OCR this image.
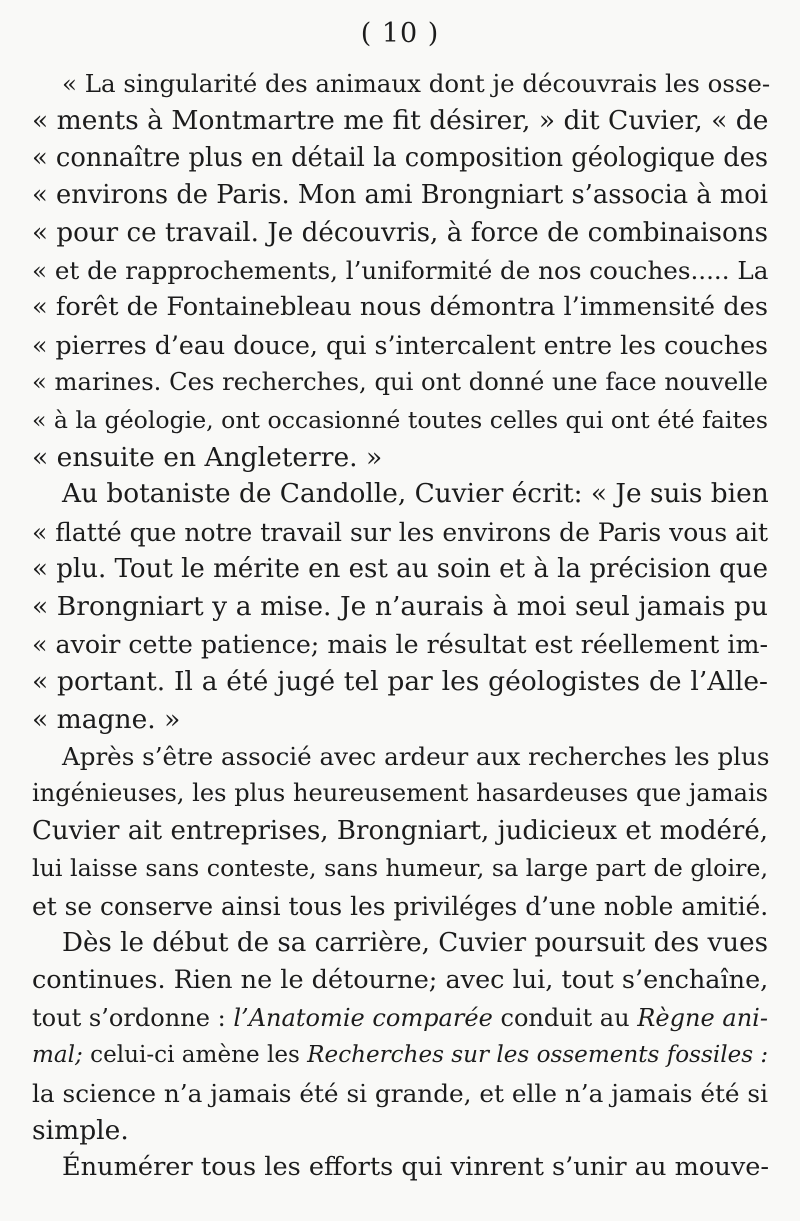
( 10 )
« La singularité des animaux dont je découvrais les osse-
« ments à Montmartre me fit désirer, » dit Cuvier, « de
« connaître plus en détail la composition géologique des
« environs de Paris. Mon ami Brongniart s’associa à moi
« pour ce travail. Je découvris, à force de combinaisons
« et de rapprochements, l’uniformité de nos couches..... La
« forêt de Fontainebleau nous démontra l’immensité des
« pierres d’eau douce, qui s’intercalent entre les couches
« marines. Ces recherches, qui ont donné une face nouvelle
« à la géologie, ont occasionné toutes celles qui ont été faites
« ensuite en Angleterre. »
Au botaniste de Candolle, Cuvier écrit: « Je suis bien
« flatté que notre travail sur les environs de Paris vous ait
« plu. Tout le mérite en est au soin et à la précision que
« Brongniart y a mise. Je n’aurais à moi seul jamais pu
« avoir cette patience; mais le résultat est réellement im-
« portant. Il a été jugé tel par les géologistes de l’Alle-
« magne. »
Après s’être associé avec ardeur aux recherches les plus
ingénieuses, les plus heureusement hasardeuses que jamais
Cuvier ait entreprises, Brongniart, judicieux et modéré,
lui laisse sans conteste, sans humeur, sa large part de gloire,
et se conserve ainsi tous les priviléges d’une noble amitié.
Dès le début de sa carrière, Cuvier poursuit des vues
continues. Rien ne le détourne; avec lui, tout s’enchaîne,
tout s’ordonne : l’Anatomie comparée conduit au Règne ani-
mal; celui-ci amène les Recherches sur les ossements fossiles :
la science n’a jamais été si grande, et elle n’a jamais été si
simple.
Énumérer tous les efforts qui vinrent s’unir au mouve-
